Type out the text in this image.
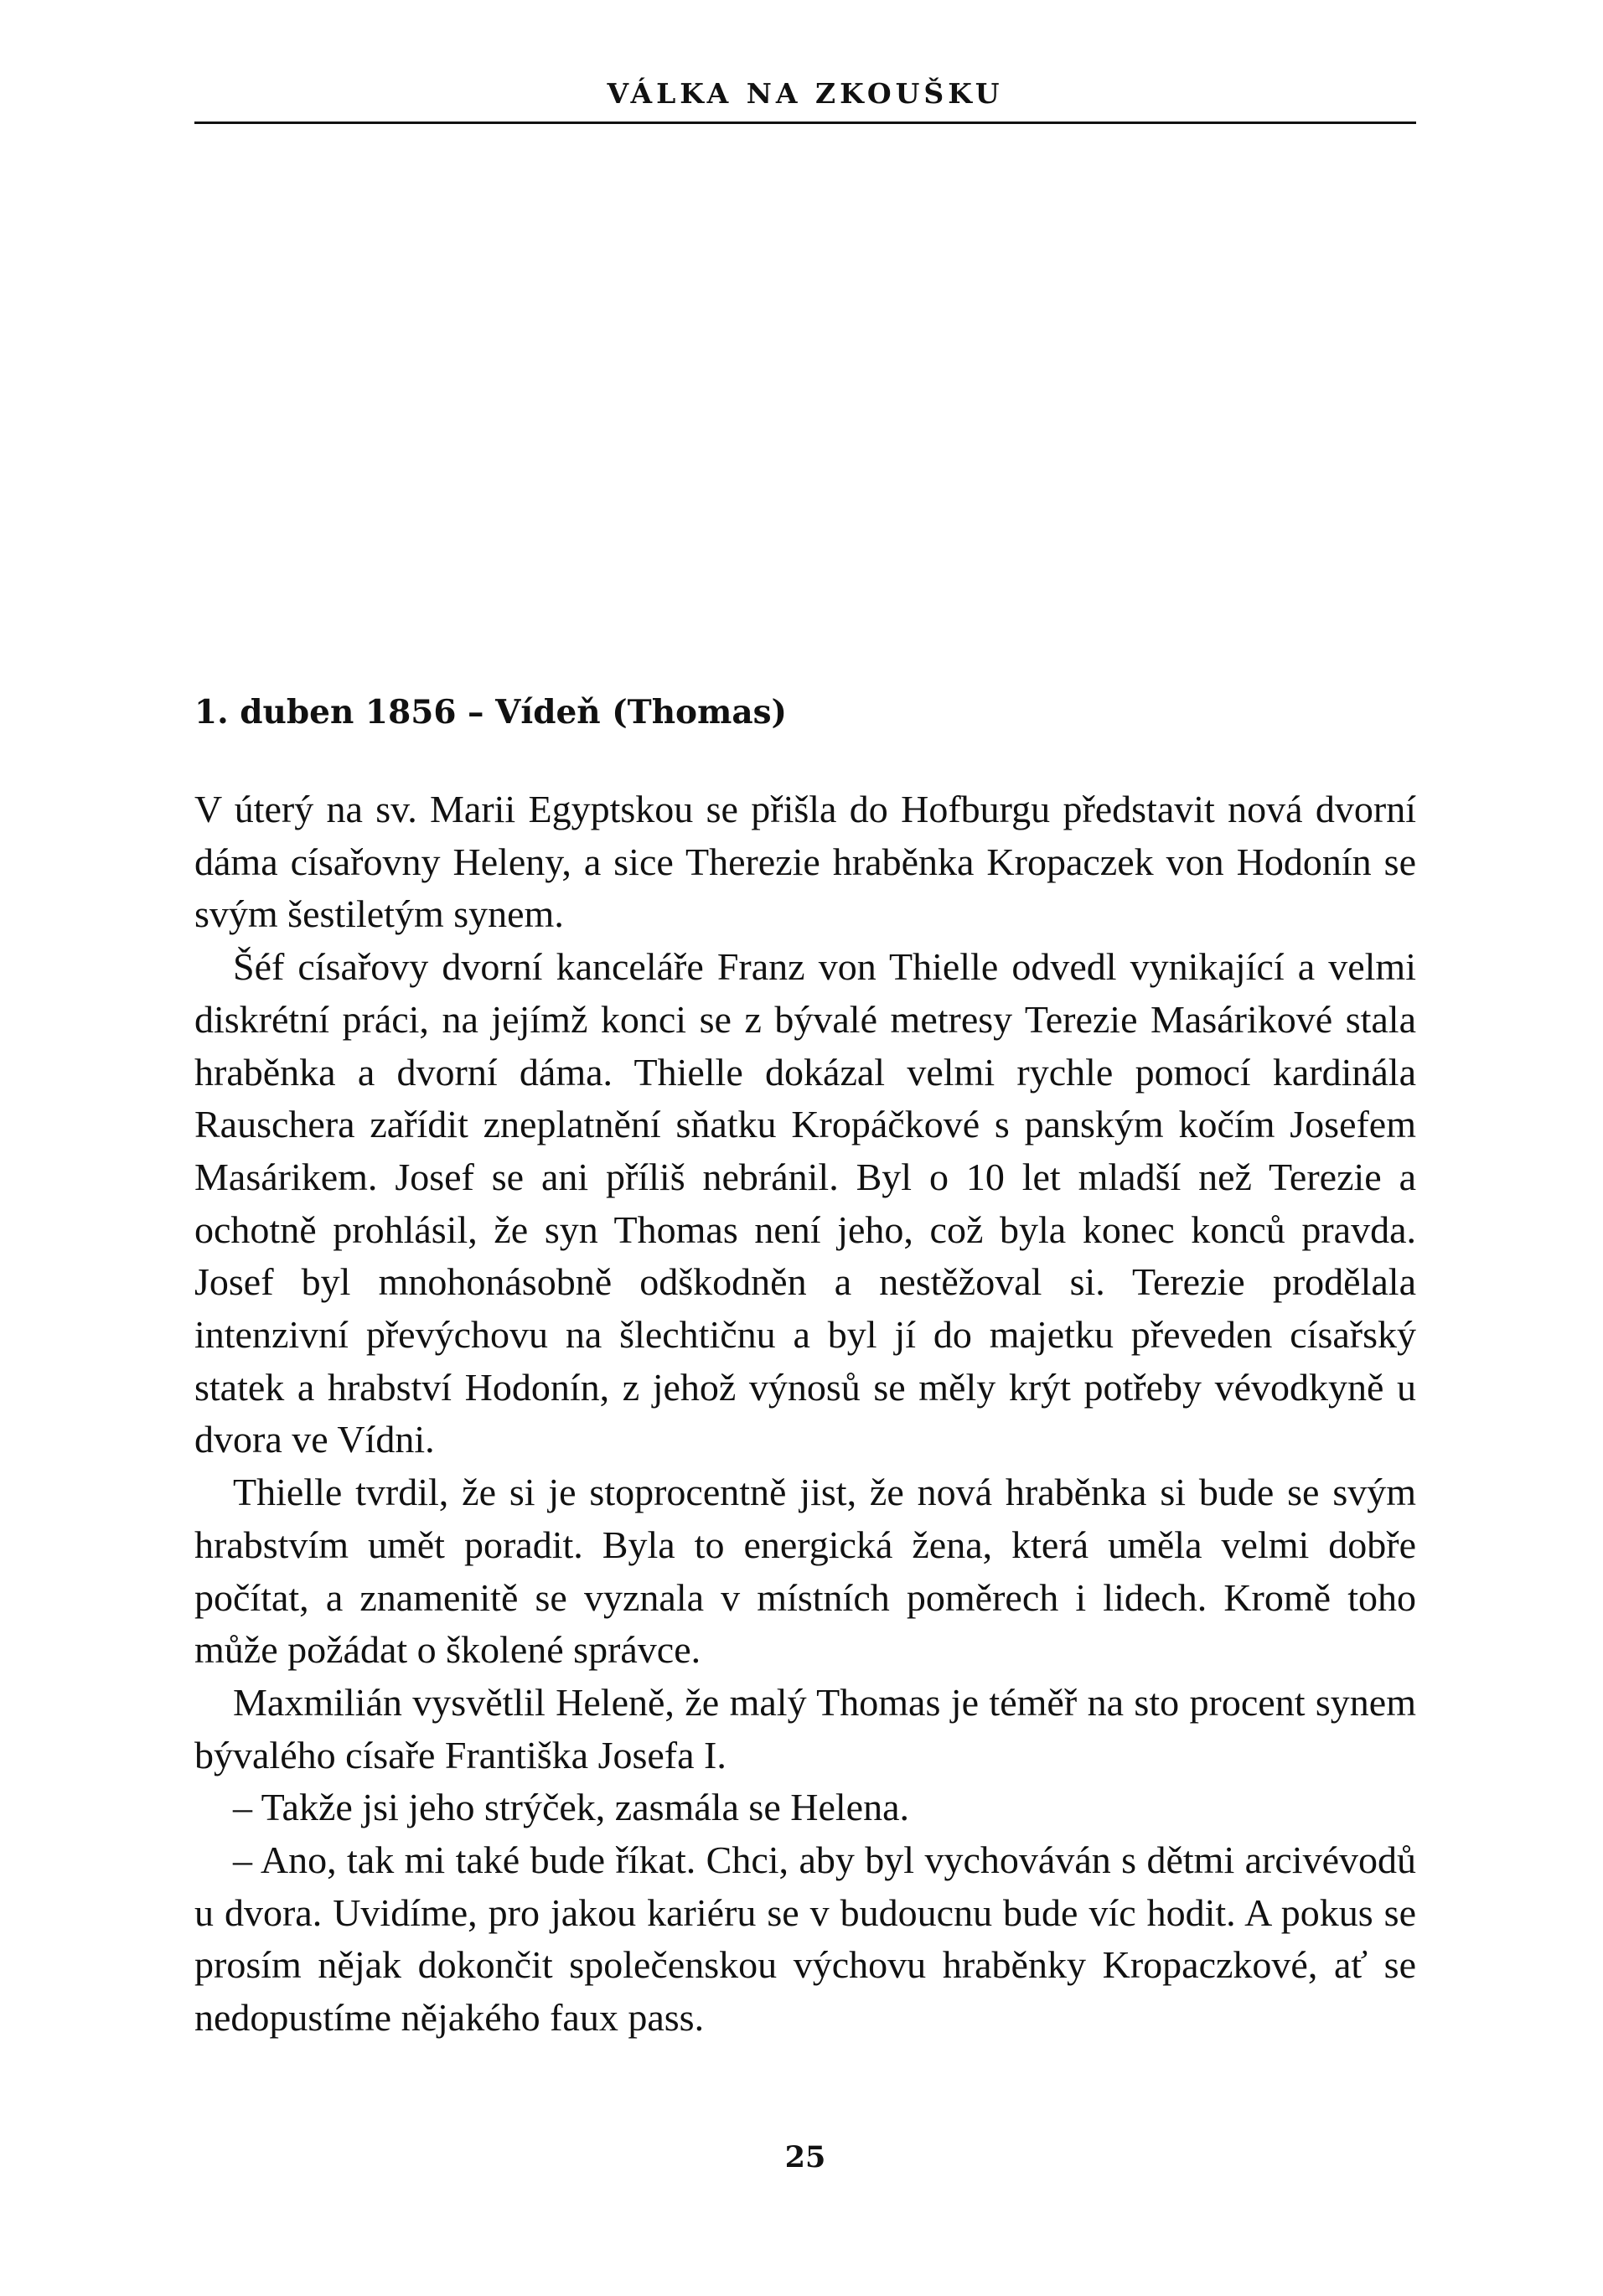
VÁLKA NA ZKOUŠKU
1. duben 1856 – Vídeň (Thomas)

V úterý na sv. Marii Egyptskou se přišla do Hofburgu představit nová dvorní dáma císařovny Heleny, a sice Therezie hraběnka Kropaczek von Hodonín se svým šestiletým synem.

Šéf císařovy dvorní kanceláře Franz von Thielle odvedl vynikající a velmi diskrétní práci, na jejímž konci se z bývalé metresy Terezie Masárikové stala hraběnka a dvorní dáma. Thielle dokázal velmi rychle pomocí kardinála Rauschera zařídit zneplatnění sňatku Kropáčkové s panským kočím Josefem Masárikem. Josef se ani příliš nebránil. Byl o 10 let mladší než Terezie a ochotně prohlásil, že syn Thomas není jeho, což byla konec konců pravda. Josef byl mnohonásobně odškodněn a nestěžoval si. Terezie prodělala intenzivní převýchovu na šlechtičnu a byl jí do majetku převeden císařský statek a hrabství Hodonín, z jehož výnosů se měly krýt potřeby vévodkyně u dvora ve Vídni.

Thielle tvrdil, že si je stoprocentně jist, že nová hraběnka si bude se svým hrabstvím umět poradit. Byla to energická žena, která uměla velmi dobře počítat, a znamenitě se vyznala v místních poměrech i lidech. Kromě toho může požádat o školené správce.

Maxmilián vysvětlil Heleně, že malý Thomas je téměř na sto procent synem bývalého císaře Františka Josefa I.

– Takže jsi jeho strýček, zasmála se Helena.

– Ano, tak mi také bude říkat. Chci, aby byl vychováván s dětmi arcivévodů u dvora. Uvidíme, pro jakou kariéru se v budoucnu bude víc hodit. A pokus se prosím nějak dokončit společenskou výchovu hraběnky Kropaczkové, ať se nedopustíme nějakého faux pass.

25
